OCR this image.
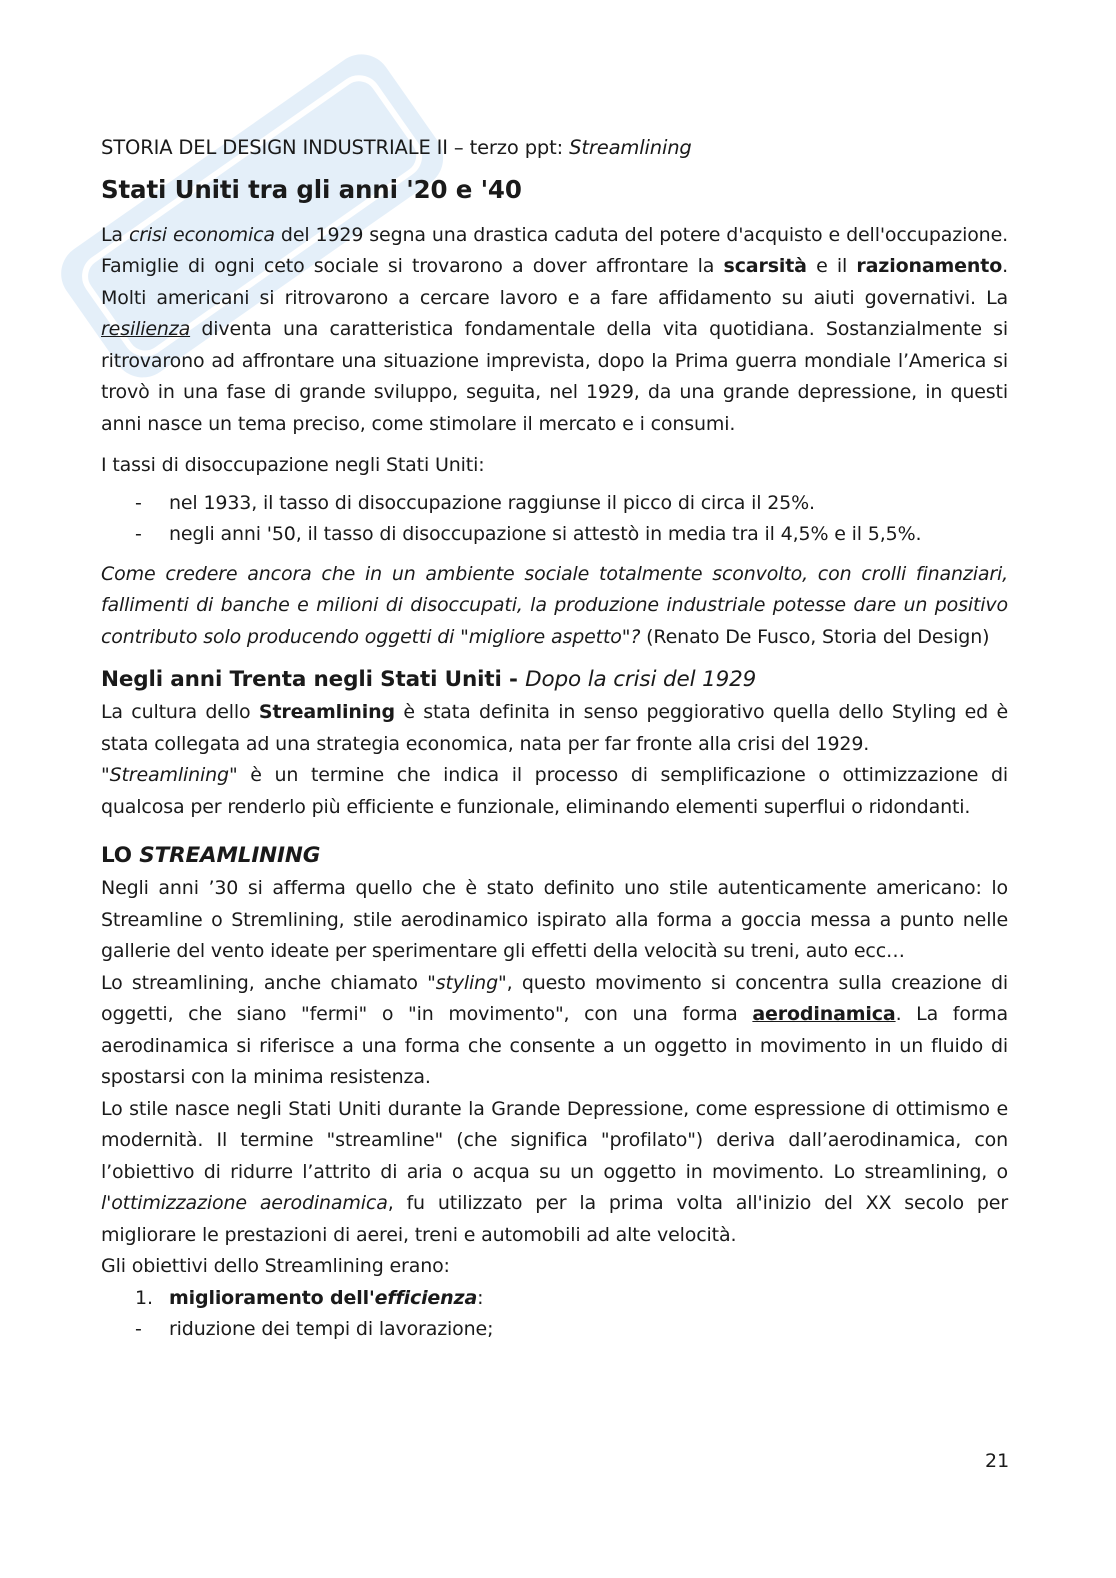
STORIA DEL DESIGN INDUSTRIALE II – terzo ppt: Streamlining
Stati Uniti tra gli anni '20 e '40

La crisi economica del 1929 segna una drastica caduta del potere d'acquisto e dell'occupazione. Famiglie di ogni ceto sociale si trovarono a dover affrontare la scarsità e il razionamento. Molti americani si ritrovarono a cercare lavoro e a fare affidamento su aiuti governativi. La resilienza diventa una caratteristica fondamentale della vita quotidiana. Sostanzialmente si ritrovarono ad affrontare una situazione imprevista, dopo la Prima guerra mondiale l’America si trovò in una fase di grande sviluppo, seguita, nel 1929, da una grande depressione, in questi anni nasce un tema preciso, come stimolare il mercato e i consumi.

I tassi di disoccupazione negli Stati Uniti:

- nel 1933, il tasso di disoccupazione raggiunse il picco di circa il 25%.
- negli anni '50, il tasso di disoccupazione si attestò in media tra il 4,5% e il 5,5%.

Come credere ancora che in un ambiente sociale totalmente sconvolto, con crolli finanziari, fallimenti di banche e milioni di disoccupati, la produzione industriale potesse dare un positivo contributo solo producendo oggetti di "migliore aspetto"? (Renato De Fusco, Storia del Design)

Negli anni Trenta negli Stati Uniti - Dopo la crisi del 1929

La cultura dello Streamlining è stata definita in senso peggiorativo quella dello Styling ed è stata collegata ad una strategia economica, nata per far fronte alla crisi del 1929.

"Streamlining" è un termine che indica il processo di semplificazione o ottimizzazione di qualcosa per renderlo più efficiente e funzionale, eliminando elementi superflui o ridondanti.

LO STREAMLINING

Negli anni ’30 si afferma quello che è stato definito uno stile autenticamente americano: lo Streamline o Stremlining, stile aerodinamico ispirato alla forma a goccia messa a punto nelle gallerie del vento ideate per sperimentare gli effetti della velocità su treni, auto ecc…

Lo streamlining, anche chiamato "styling", questo movimento si concentra sulla creazione di oggetti, che siano "fermi" o "in movimento", con una forma aerodinamica. La forma aerodinamica si riferisce a una forma che consente a un oggetto in movimento in un fluido di spostarsi con la minima resistenza.

Lo stile nasce negli Stati Uniti durante la Grande Depressione, come espressione di ottimismo e modernità. Il termine "streamline" (che significa "profilato") deriva dall’aerodinamica, con l’obiettivo di ridurre l’attrito di aria o acqua su un oggetto in movimento. Lo streamlining, o l'ottimizzazione aerodinamica, fu utilizzato per la prima volta all'inizio del XX secolo per migliorare le prestazioni di aerei, treni e automobili ad alte velocità.

Gli obiettivi dello Streamlining erano:

1. miglioramento dell'efficienza:
- riduzione dei tempi di lavorazione;
21
